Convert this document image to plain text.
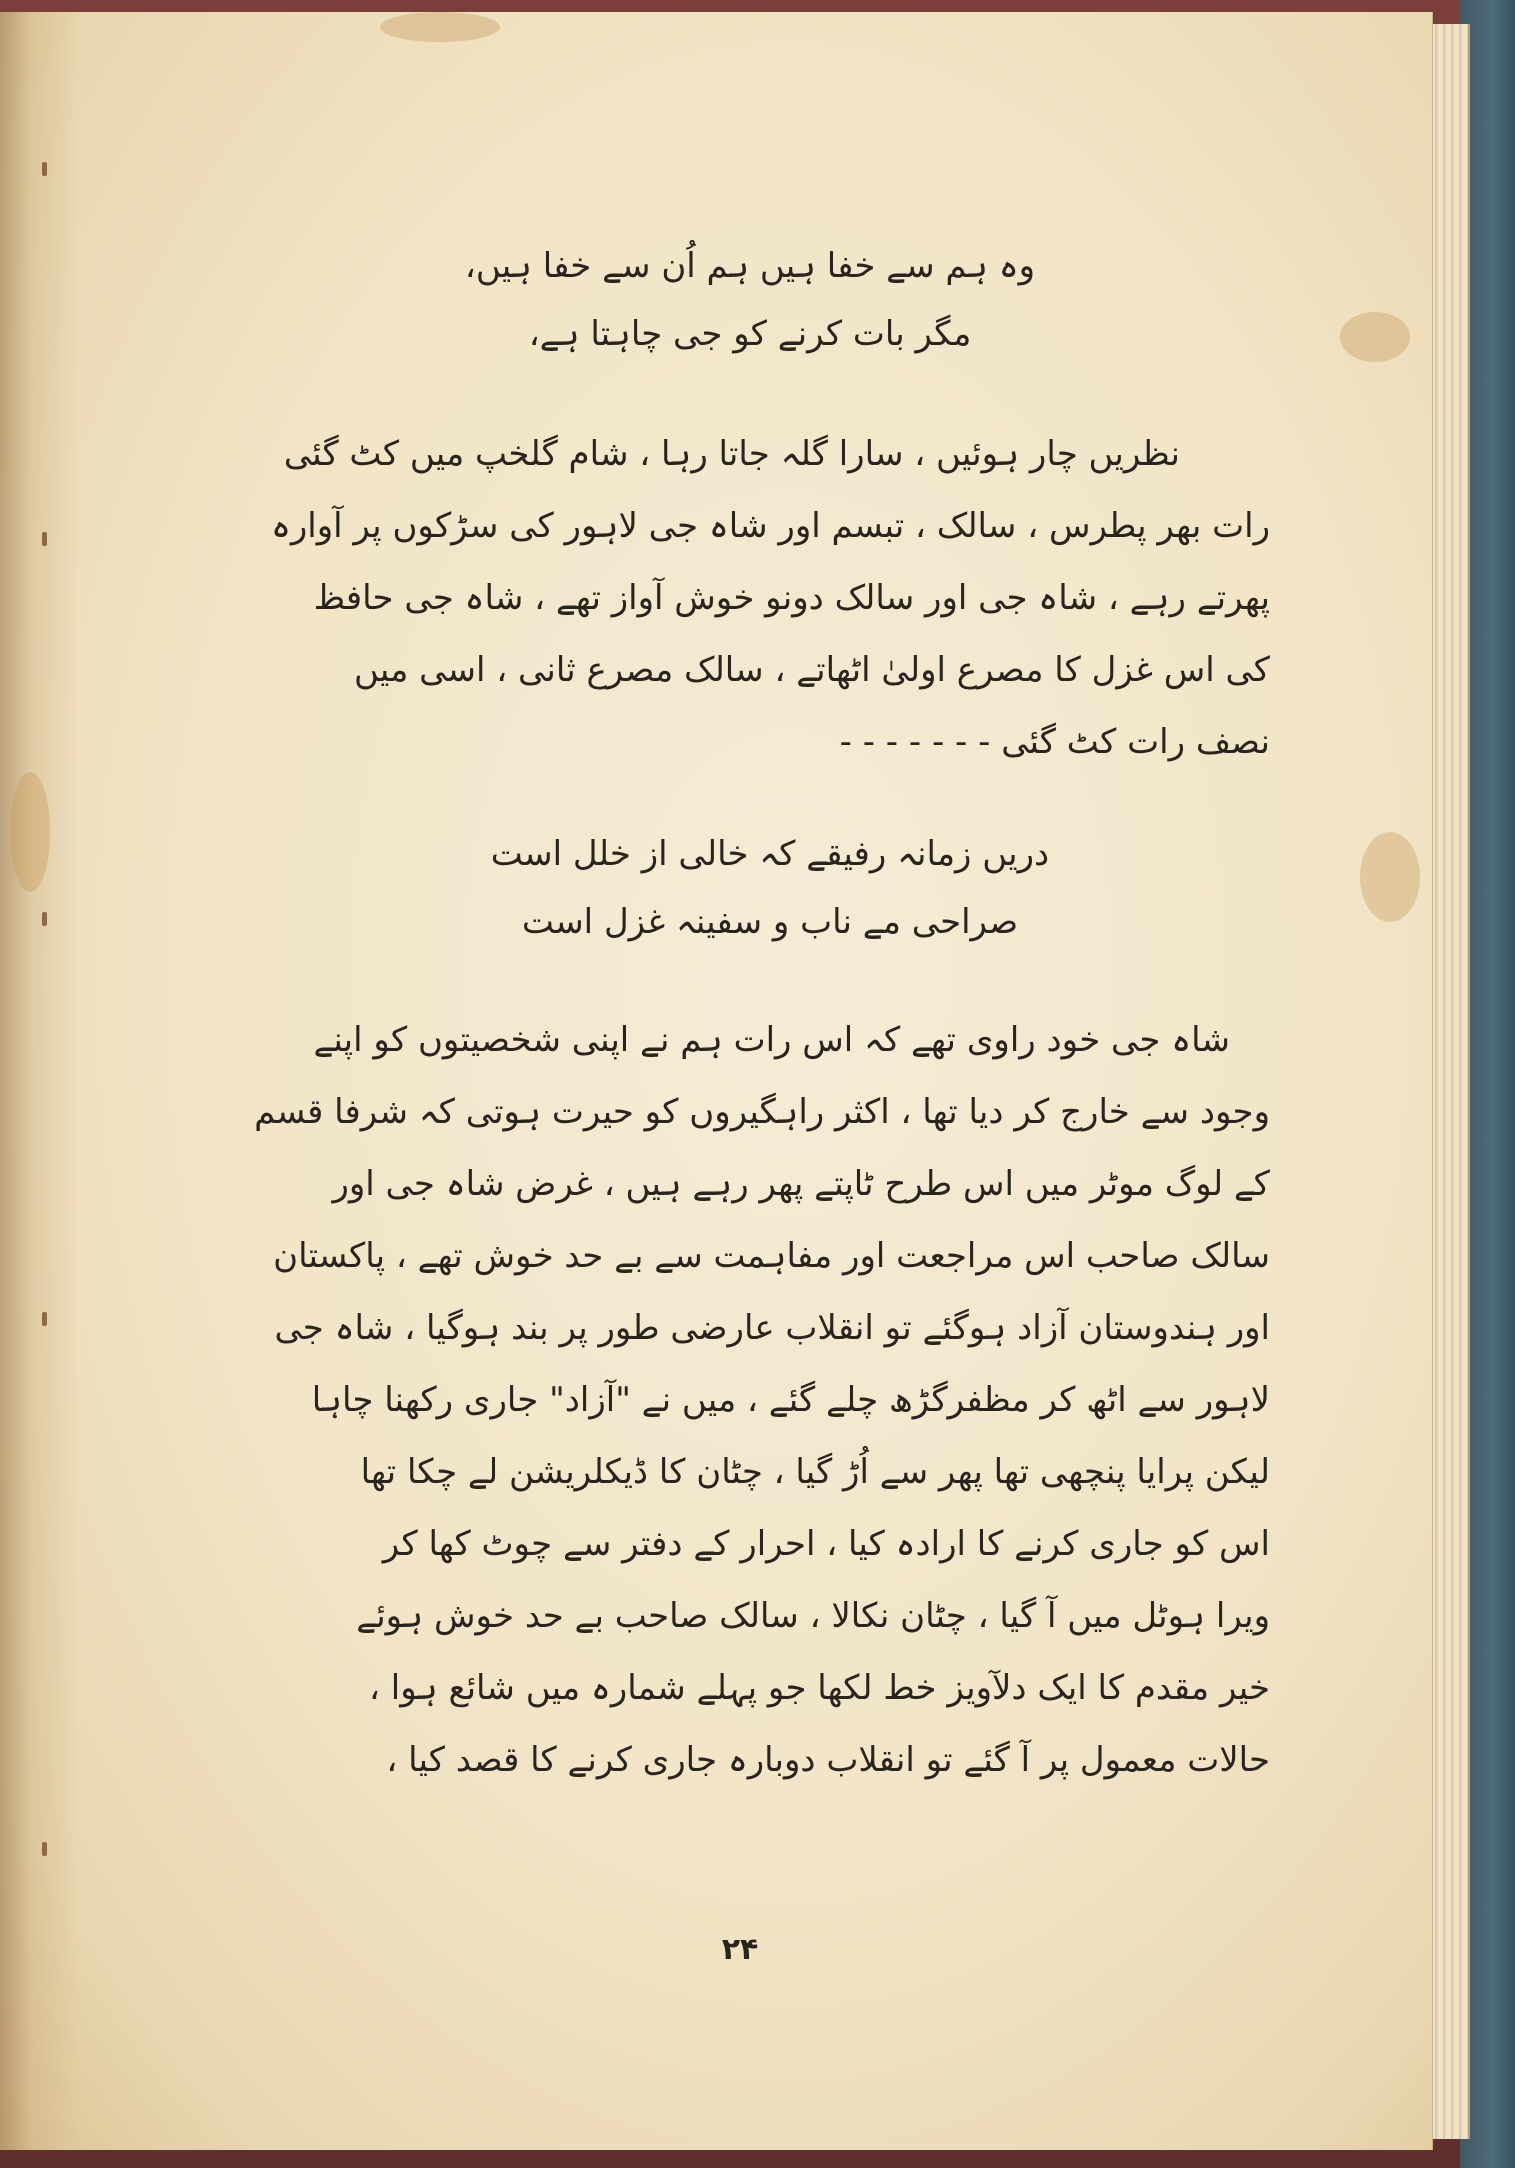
وہ ہم سے خفا ہیں ہم اُن سے خفا ہیں،
مگر بات کرنے کو جی چاہتا ہے،
نظریں چار ہوئیں ، سارا گلہ جاتا رہا ، شام گلخپ میں کٹ گئی
رات بھر پطرس ، سالک ، تبسم اور شاہ جی لاہور کی سڑکوں پر آوارہ
پھرتے رہے ، شاہ جی اور سالک دونو خوش آواز تھے ، شاہ جی حافظ
کی اس غزل کا مصرع اولیٰ اٹھاتے ، سالک مصرع ثانی ، اسی میں
نصف رات کٹ گئی - - - - - - -
دریں زمانہ رفیقے کہ خالی از خلل است
صراحی مے ناب و سفینہ غزل است
شاہ جی خود راوی تھے کہ اس رات ہم نے اپنی شخصیتوں کو اپنے
وجود سے خارج کر دیا تھا ، اکثر راہگیروں کو حیرت ہوتی کہ شرفا قسم
کے لوگ موٹر میں اس طرح ٹاپتے پھر رہے ہیں ، غرض شاہ جی اور
سالک صاحب اس مراجعت اور مفاہمت سے بے حد خوش تھے ، پاکستان
اور ہندوستان آزاد ہوگئے تو انقلاب عارضی طور پر بند ہوگیا ، شاہ جی
لاہور سے اٹھ کر مظفرگڑھ چلے گئے ، میں نے "آزاد" جاری رکھنا چاہا
لیکن پرایا پنچھی تھا پھر سے اُڑ گیا ، چٹان کا ڈیکلریشن لے چکا تھا
اس کو جاری کرنے کا ارادہ کیا ، احرار کے دفتر سے چوٹ کھا کر
ویرا ہوٹل میں آ گیا ، چٹان نکالا ، سالک صاحب بے حد خوش ہوئے
خیر مقدم کا ایک دلآویز خط لکھا جو پہلے شمارہ میں شائع ہوا ،
حالات معمول پر آ گئے تو انقلاب دوبارہ جاری کرنے کا قصد کیا ،
۲۴
